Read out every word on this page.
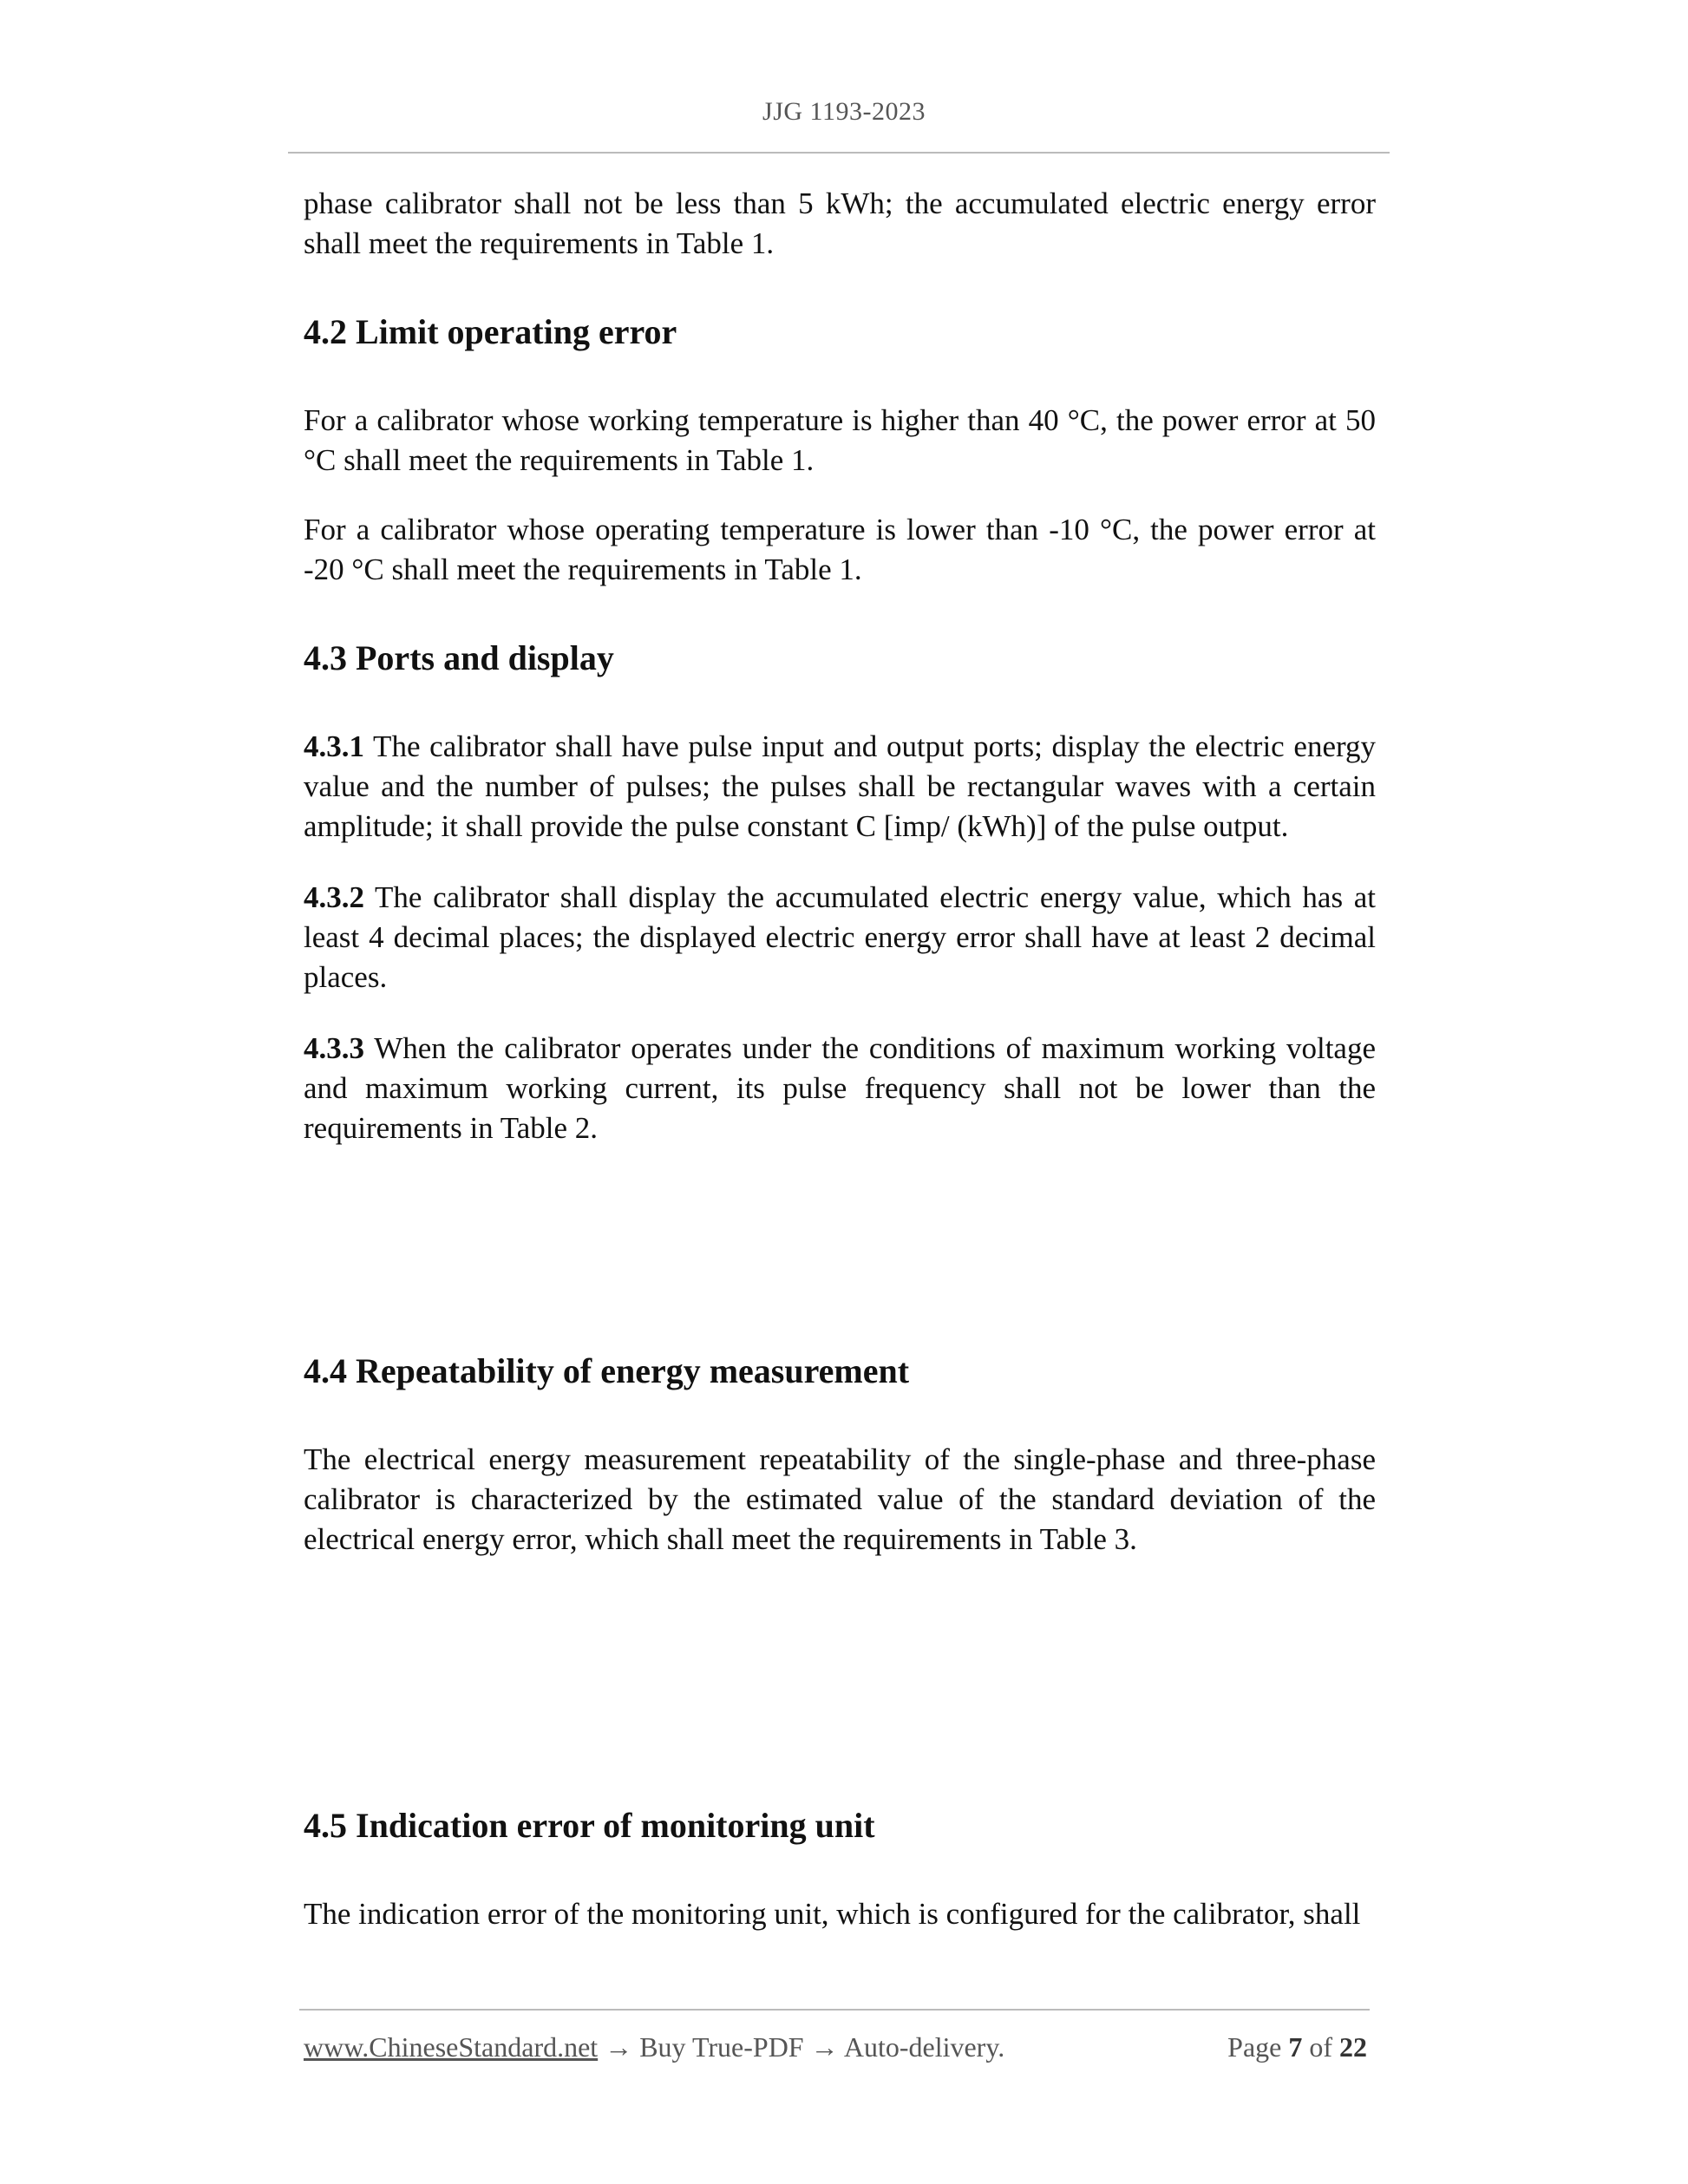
JJG 1193-2023

phase calibrator shall not be less than 5 kWh; the accumulated electric energy error shall meet the requirements in Table 1.

4.2 Limit operating error

For a calibrator whose working temperature is higher than 40 °C, the power error at 50 °C shall meet the requirements in Table 1.

For a calibrator whose operating temperature is lower than -10 °C, the power error at -20 °C shall meet the requirements in Table 1.

4.3 Ports and display

4.3.1 The calibrator shall have pulse input and output ports; display the electric energy value and the number of pulses; the pulses shall be rectangular waves with a certain amplitude; it shall provide the pulse constant C [imp/ (kWh)] of the pulse output.

4.3.2 The calibrator shall display the accumulated electric energy value, which has at least 4 decimal places; the displayed electric energy error shall have at least 2 decimal places.

4.3.3 When the calibrator operates under the conditions of maximum working voltage and maximum working current, its pulse frequency shall not be lower than the requirements in Table 2.

4.4 Repeatability of energy measurement

The electrical energy measurement repeatability of the single-phase and three-phase calibrator is characterized by the estimated value of the standard deviation of the electrical energy error, which shall meet the requirements in Table 3.

4.5 Indication error of monitoring unit

The indication error of the monitoring unit, which is configured for the calibrator, shall

www.ChineseStandard.net → Buy True-PDF → Auto-delivery.	Page 7 of 22
